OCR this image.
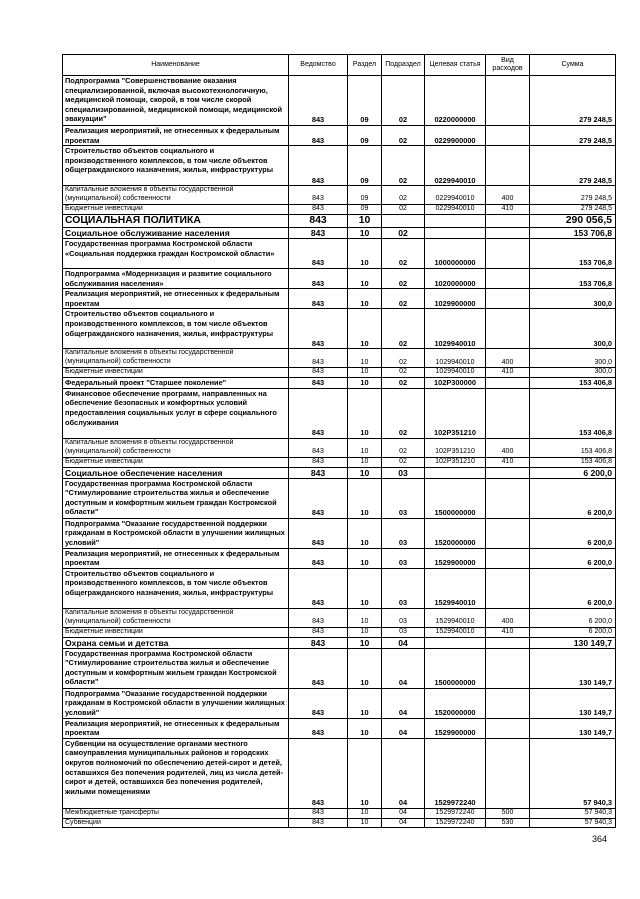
Наименование	Ведомство	Раздел	Подраздел	Целевая статья	Вид расходов	Сумма
Подпрограмма "Совершенствование оказания специализированной, включая высокотехнологичную, медицинской помощи, скорой, в том числе скорой специализированной, медицинской помощи, медицинской эвакуации"	843	09	02	0220000000		279 248,5
Реализация мероприятий, не отнесенных к федеральным проектам	843	09	02	0229900000		279 248,5
Строительство объектов социального и производственного комплексов, в том числе объектов общегражданского назначения, жилья, инфраструктуры	843	09	02	0229940010		279 248,5
Капитальные вложения в объекты государственной (муниципальной) собственности	843	09	02	0229940010	400	279 248,5
Бюджетные инвестиции	843	09	02	0229940010	410	279 248,5
СОЦИАЛЬНАЯ ПОЛИТИКА	843	10				290 056,5
Социальное обслуживание населения	843	10	02			153 706,8
Государственная программа Костромской области «Социальная поддержка граждан Костромской области»	843	10	02	1000000000		153 706,8
Подпрограмма «Модернизация и развитие социального обслуживания населения»	843	10	02	1020000000		153 706,8
Реализация мероприятий, не отнесенных к федеральным проектам	843	10	02	1029900000		300,0
Строительство объектов социального и производственного комплексов, в том числе объектов общегражданского назначения, жилья, инфраструктуры	843	10	02	1029940010		300,0
Капитальные вложения в объекты государственной (муниципальной) собственности	843	10	02	1029940010	400	300,0
Бюджетные инвестиции	843	10	02	1029940010	410	300,0
Федеральный проект "Старшее поколение"	843	10	02	102P300000		153 406,8
Финансовое обеспечение программ, направленных на обеспечение безопасных и комфортных условий предоставления социальных услуг в сфере социального обслуживания	843	10	02	102P351210		153 406,8
Капитальные вложения в объекты государственной (муниципальной) собственности	843	10	02	102P351210	400	153 406,8
Бюджетные инвестиции	843	10	02	102P351210	410	153 406,8
Социальное обеспечение населения	843	10	03			6 200,0
Государственная программа Костромской области "Стимулирование строительства жилья и обеспечение доступным и комфортным жильем граждан Костромской области"	843	10	03	1500000000		6 200,0
Подпрограмма "Оказание государственной поддержки гражданам в Костромской области в улучшении жилищных условий"	843	10	03	1520000000		6 200,0
Реализация мероприятий, не отнесенных к федеральным проектам	843	10	03	1529900000		6 200,0
Строительство объектов социального и производственного комплексов, в том числе объектов общегражданского назначения, жилья, инфраструктуры	843	10	03	1529940010		6 200,0
Капитальные вложения в объекты государственной (муниципальной) собственности	843	10	03	1529940010	400	6 200,0
Бюджетные инвестиции	843	10	03	1529940010	410	6 200,0
Охрана семьи и детства	843	10	04			130 149,7
Государственная программа Костромской области "Стимулирование строительства жилья и обеспечение доступным и комфортным жильем граждан Костромской области"	843	10	04	1500000000		130 149,7
Подпрограмма "Оказание государственной поддержки гражданам в Костромской области в улучшении жилищных условий"	843	10	04	1520000000		130 149,7
Реализация мероприятий, не отнесенных к федеральным проектам	843	10	04	1529900000		130 149,7
Субвенции на осуществление органами местного самоуправления муниципальных районов и городских округов полномочий по обеспечению детей-сирот и детей, оставшихся без попечения родителей, лиц из числа детей-сирот и детей, оставшихся без попечения родителей, жилыми помещениями	843	10	04	1529972240		57 940,3
Межбюджетные трансферты	843	10	04	1529972240	500	57 940,3
Субвенции	843	10	04	1529972240	530	57 940,3
364
